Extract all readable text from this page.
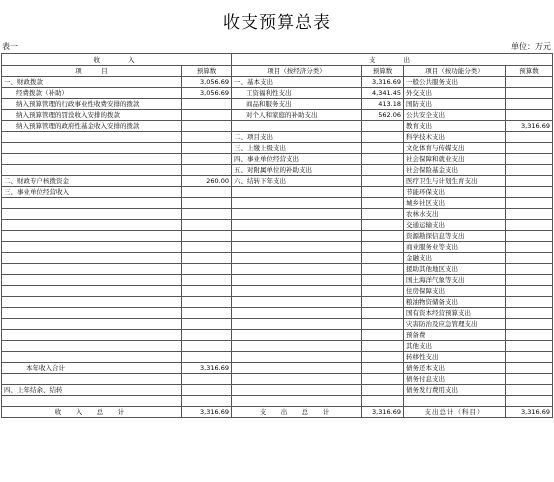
收支预算总表
表一	单位：万元
收　　入		支　　出			
项　　　目	预算数	项目（按经济分类）	预算数	项目（按功能分类）	预算数
一、财政拨款	3,056.69	一、基本支出	3,316.69	一般公共服务支出	
经费拨款（补助）	3,056.69	工资福利性支出	4,341.45	外交支出	
纳入预算管理的行政事业性收费安排的拨款		商品和服务支出	413.18	国防支出	
纳入预算管理的罚没收入安排的拨款		对个人和家庭的补助支出	562.06	公共安全支出	
纳入预算管理的政府性基金收入安排的拨款				教育支出	3,316.69
		二、项目支出		科学技术支出	
		三、上缴上级支出		文化体育与传媒支出	
		四、事业单位经营支出		社会保障和就业支出	
		五、对附属单位的补助支出		社会保险基金支出	
二、财政专户核拨资金	260.00	六、结转下年支出		医疗卫生与计划生育支出	
三、事业单位经营收入				节能环保支出	
				城乡社区支出	
				农林水支出	
				交通运输支出	
				资源勘探信息等支出	
				商业服务业等支出	
				金融支出	
				援助其他地区支出	
				国土海洋气象等支出	
				住房保障支出	
				粮油物资储备支出	
				国有资本经营预算支出	
				灾害防治及应急管理支出	
				预备费	
				其他支出	
				转移性支出	
本年收入合计	3,316.69			债务还本支出	
				债务付息支出	
四、上年结余、结转				债务发行费用支出	

收　入　总　计	3,316.69	支　出　总　计	3,316.69	支出总计（科目）	3,316.69
